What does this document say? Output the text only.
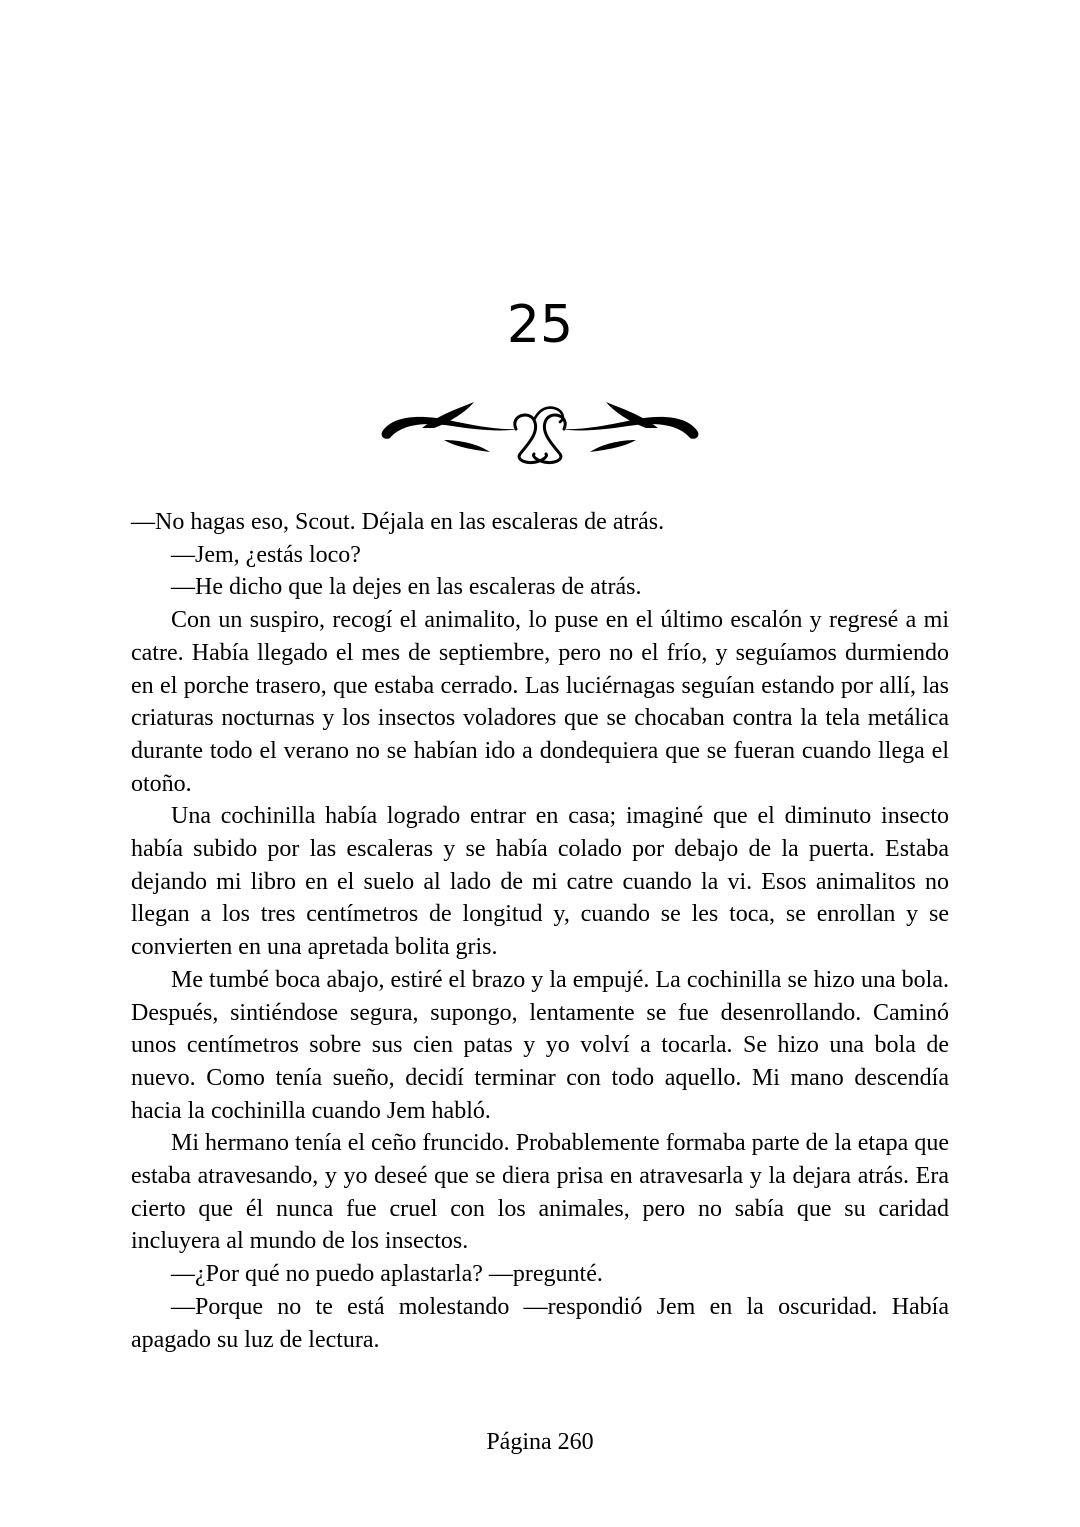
25

—No hagas eso, Scout. Déjala en las escaleras de atrás.

—Jem, ¿estás loco?

—He dicho que la dejes en las escaleras de atrás.

Con un suspiro, recogí el animalito, lo puse en el último escalón y regresé a mi catre. Había llegado el mes de septiembre, pero no el frío, y seguíamos durmiendo en el porche trasero, que estaba cerrado. Las luciérnagas seguían estando por allí, las criaturas nocturnas y los insectos voladores que se chocaban contra la tela metálica durante todo el verano no se habían ido a dondequiera que se fueran cuando llega el otoño.

Una cochinilla había logrado entrar en casa; imaginé que el diminuto insecto había subido por las escaleras y se había colado por debajo de la puerta. Estaba dejando mi libro en el suelo al lado de mi catre cuando la vi. Esos animalitos no llegan a los tres centímetros de longitud y, cuando se les toca, se enrollan y se convierten en una apretada bolita gris.

Me tumbé boca abajo, estiré el brazo y la empujé. La cochinilla se hizo una bola. Después, sintiéndose segura, supongo, lentamente se fue desenrollando. Caminó unos centímetros sobre sus cien patas y yo volví a tocarla. Se hizo una bola de nuevo. Como tenía sueño, decidí terminar con todo aquello. Mi mano descendía hacia la cochinilla cuando Jem habló.

Mi hermano tenía el ceño fruncido. Probablemente formaba parte de la etapa que estaba atravesando, y yo deseé que se diera prisa en atravesarla y la dejara atrás. Era cierto que él nunca fue cruel con los animales, pero no sabía que su caridad incluyera al mundo de los insectos.

—¿Por qué no puedo aplastarla? —pregunté.

—Porque no te está molestando —respondió Jem en la oscuridad. Había apagado su luz de lectura.

Página 260
